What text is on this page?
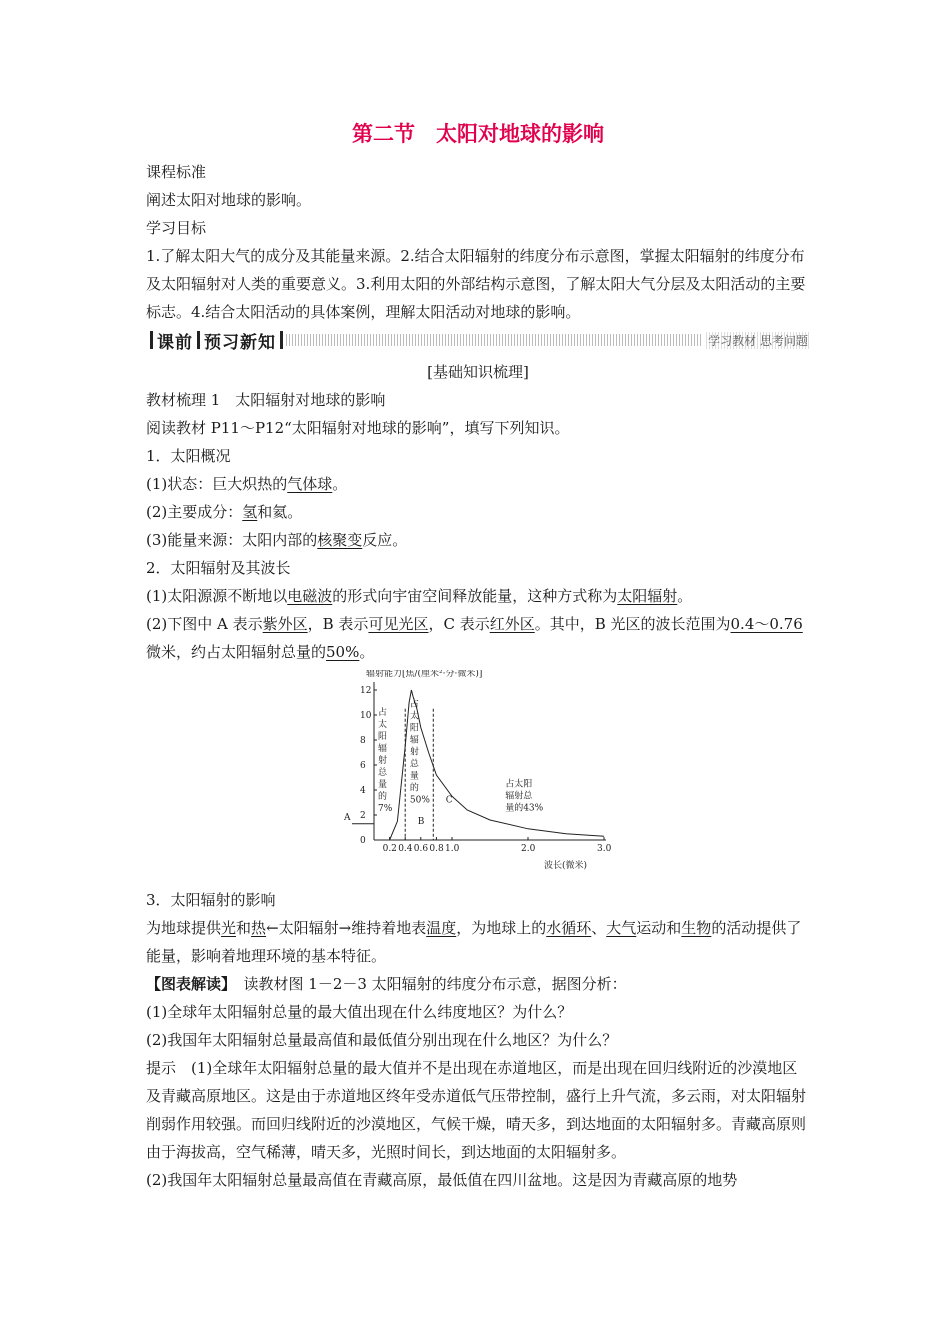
第二节　太阳对地球的影响

课程标准

阐述太阳对地球的影响。

学习目标

1.了解太阳大气的成分及其能量来源。2.结合太阳辐射的纬度分布示意图，掌握太阳辐射的纬度分布及太阳辐射对人类的重要意义。3.利用太阳的外部结构示意图，了解太阳大气分层及太阳活动的主要标志。4.结合太阳活动的具体案例，理解太阳活动对地球的影响。

课前 预习新知	学习教材 思考问题

[基础知识梳理]

教材梳理 1　太阳辐射对地球的影响

阅读教材 P11～P12“太阳辐射对地球的影响”，填写下列知识。

1．太阳概况

(1)状态：巨大炽热的气体球。

(2)主要成分：氢和氦。

(3)能量来源：太阳内部的核聚变反应。

2．太阳辐射及其波长

(1)太阳源源不断地以电磁波的形式向宇宙空间释放能量，这种方式称为太阳辐射。

(2)下图中 A 表示紫外区，B 表示可见光区，C 表示红外区。其中，B 光区的波长范围为0.4～0.76微米，约占太阳辐射总量的50%。

辐射能力[焦/(厘米²·分·微米)]
波长(微米)
0
2
4
6
8
10
12
0.2 0.4 0.6 0.8 1.0	2.0	3.0
A	B
C
占
太
阳
辐
射
总
量
的
7%
占
太
阳
辐
射
总
量
的
50%
占太阳
辐射总
量的43%

3．太阳辐射的影响

为地球提供光和热←太阳辐射→维持着地表温度，为地球上的水循环、大气运动和生物的活动提供了能量，影响着地理环境的基本特征。

【图表解读】　读教材图 1－2－3 太阳辐射的纬度分布示意，据图分析：

(1)全球年太阳辐射总量的最大值出现在什么纬度地区？为什么？

(2)我国年太阳辐射总量最高值和最低值分别出现在什么地区？为什么？

提示　(1)全球年太阳辐射总量的最大值并不是出现在赤道地区，而是出现在回归线附近的沙漠地区及青藏高原地区。这是由于赤道地区终年受赤道低气压带控制，盛行上升气流，多云雨，对太阳辐射削弱作用较强。而回归线附近的沙漠地区，气候干燥，晴天多，到达地面的太阳辐射多。青藏高原则由于海拔高，空气稀薄，晴天多，光照时间长，到达地面的太阳辐射多。

(2)我国年太阳辐射总量最高值在青藏高原，最低值在四川盆地。这是因为青藏高原的地势
